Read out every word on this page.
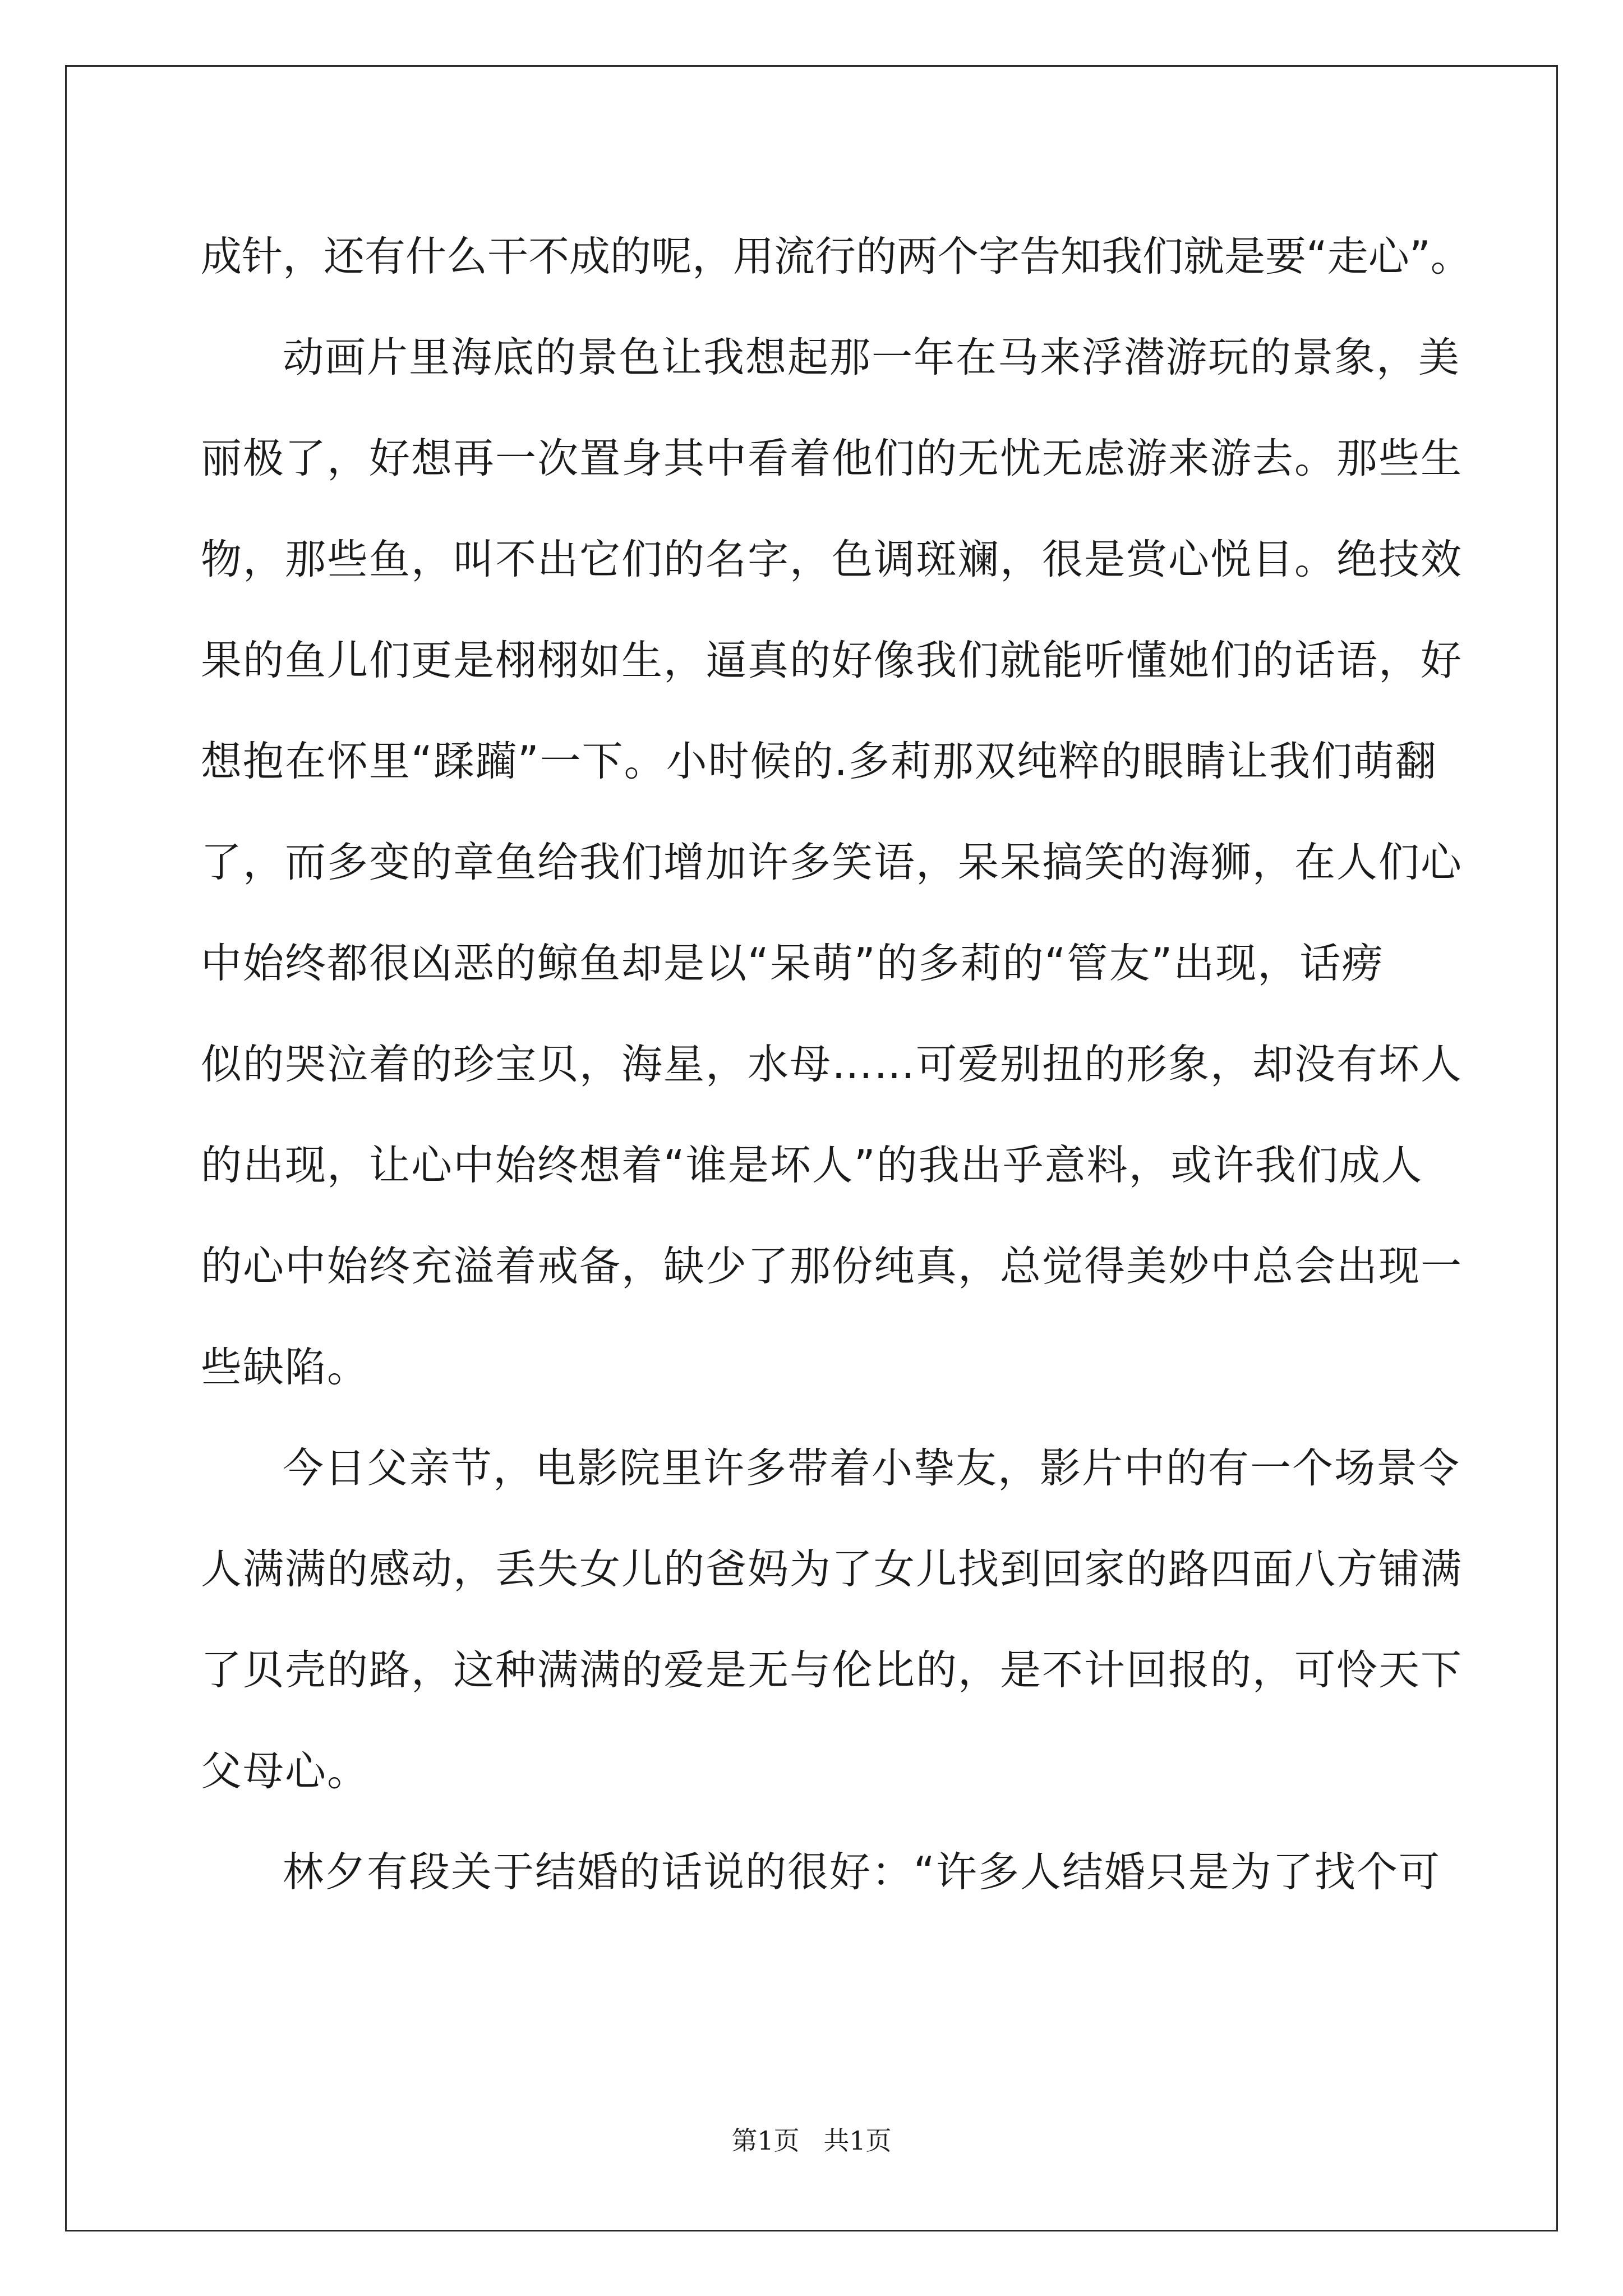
成针，还有什么干不成的呢，用流行的两个字告知我们就是要“走心”。
动画片里海底的景色让我想起那一年在马来浮潜游玩的景象，美
丽极了，好想再一次置身其中看着他们的无忧无虑游来游去。那些生
物，那些鱼，叫不出它们的名字，色调斑斓，很是赏心悦目。绝技效
果的鱼儿们更是栩栩如生，逼真的好像我们就能听懂她们的话语，好
想抱在怀里“蹂躏”一下。小时候的.多莉那双纯粹的眼睛让我们萌翻
了，而多变的章鱼给我们增加许多笑语，呆呆搞笑的海狮，在人们心
中始终都很凶恶的鲸鱼却是以“呆萌”的多莉的“管友”出现，话痨
似的哭泣着的珍宝贝，海星，水母……可爱别扭的形象，却没有坏人
的出现，让心中始终想着“谁是坏人”的我出乎意料，或许我们成人
的心中始终充溢着戒备，缺少了那份纯真，总觉得美妙中总会出现一
些缺陷。
今日父亲节，电影院里许多带着小挚友，影片中的有一个场景令
人满满的感动，丢失女儿的爸妈为了女儿找到回家的路四面八方铺满
了贝壳的路，这种满满的爱是无与伦比的，是不计回报的，可怜天下
父母心。
林夕有段关于结婚的话说的很好：“许多人结婚只是为了找个可
第1页 共1页
